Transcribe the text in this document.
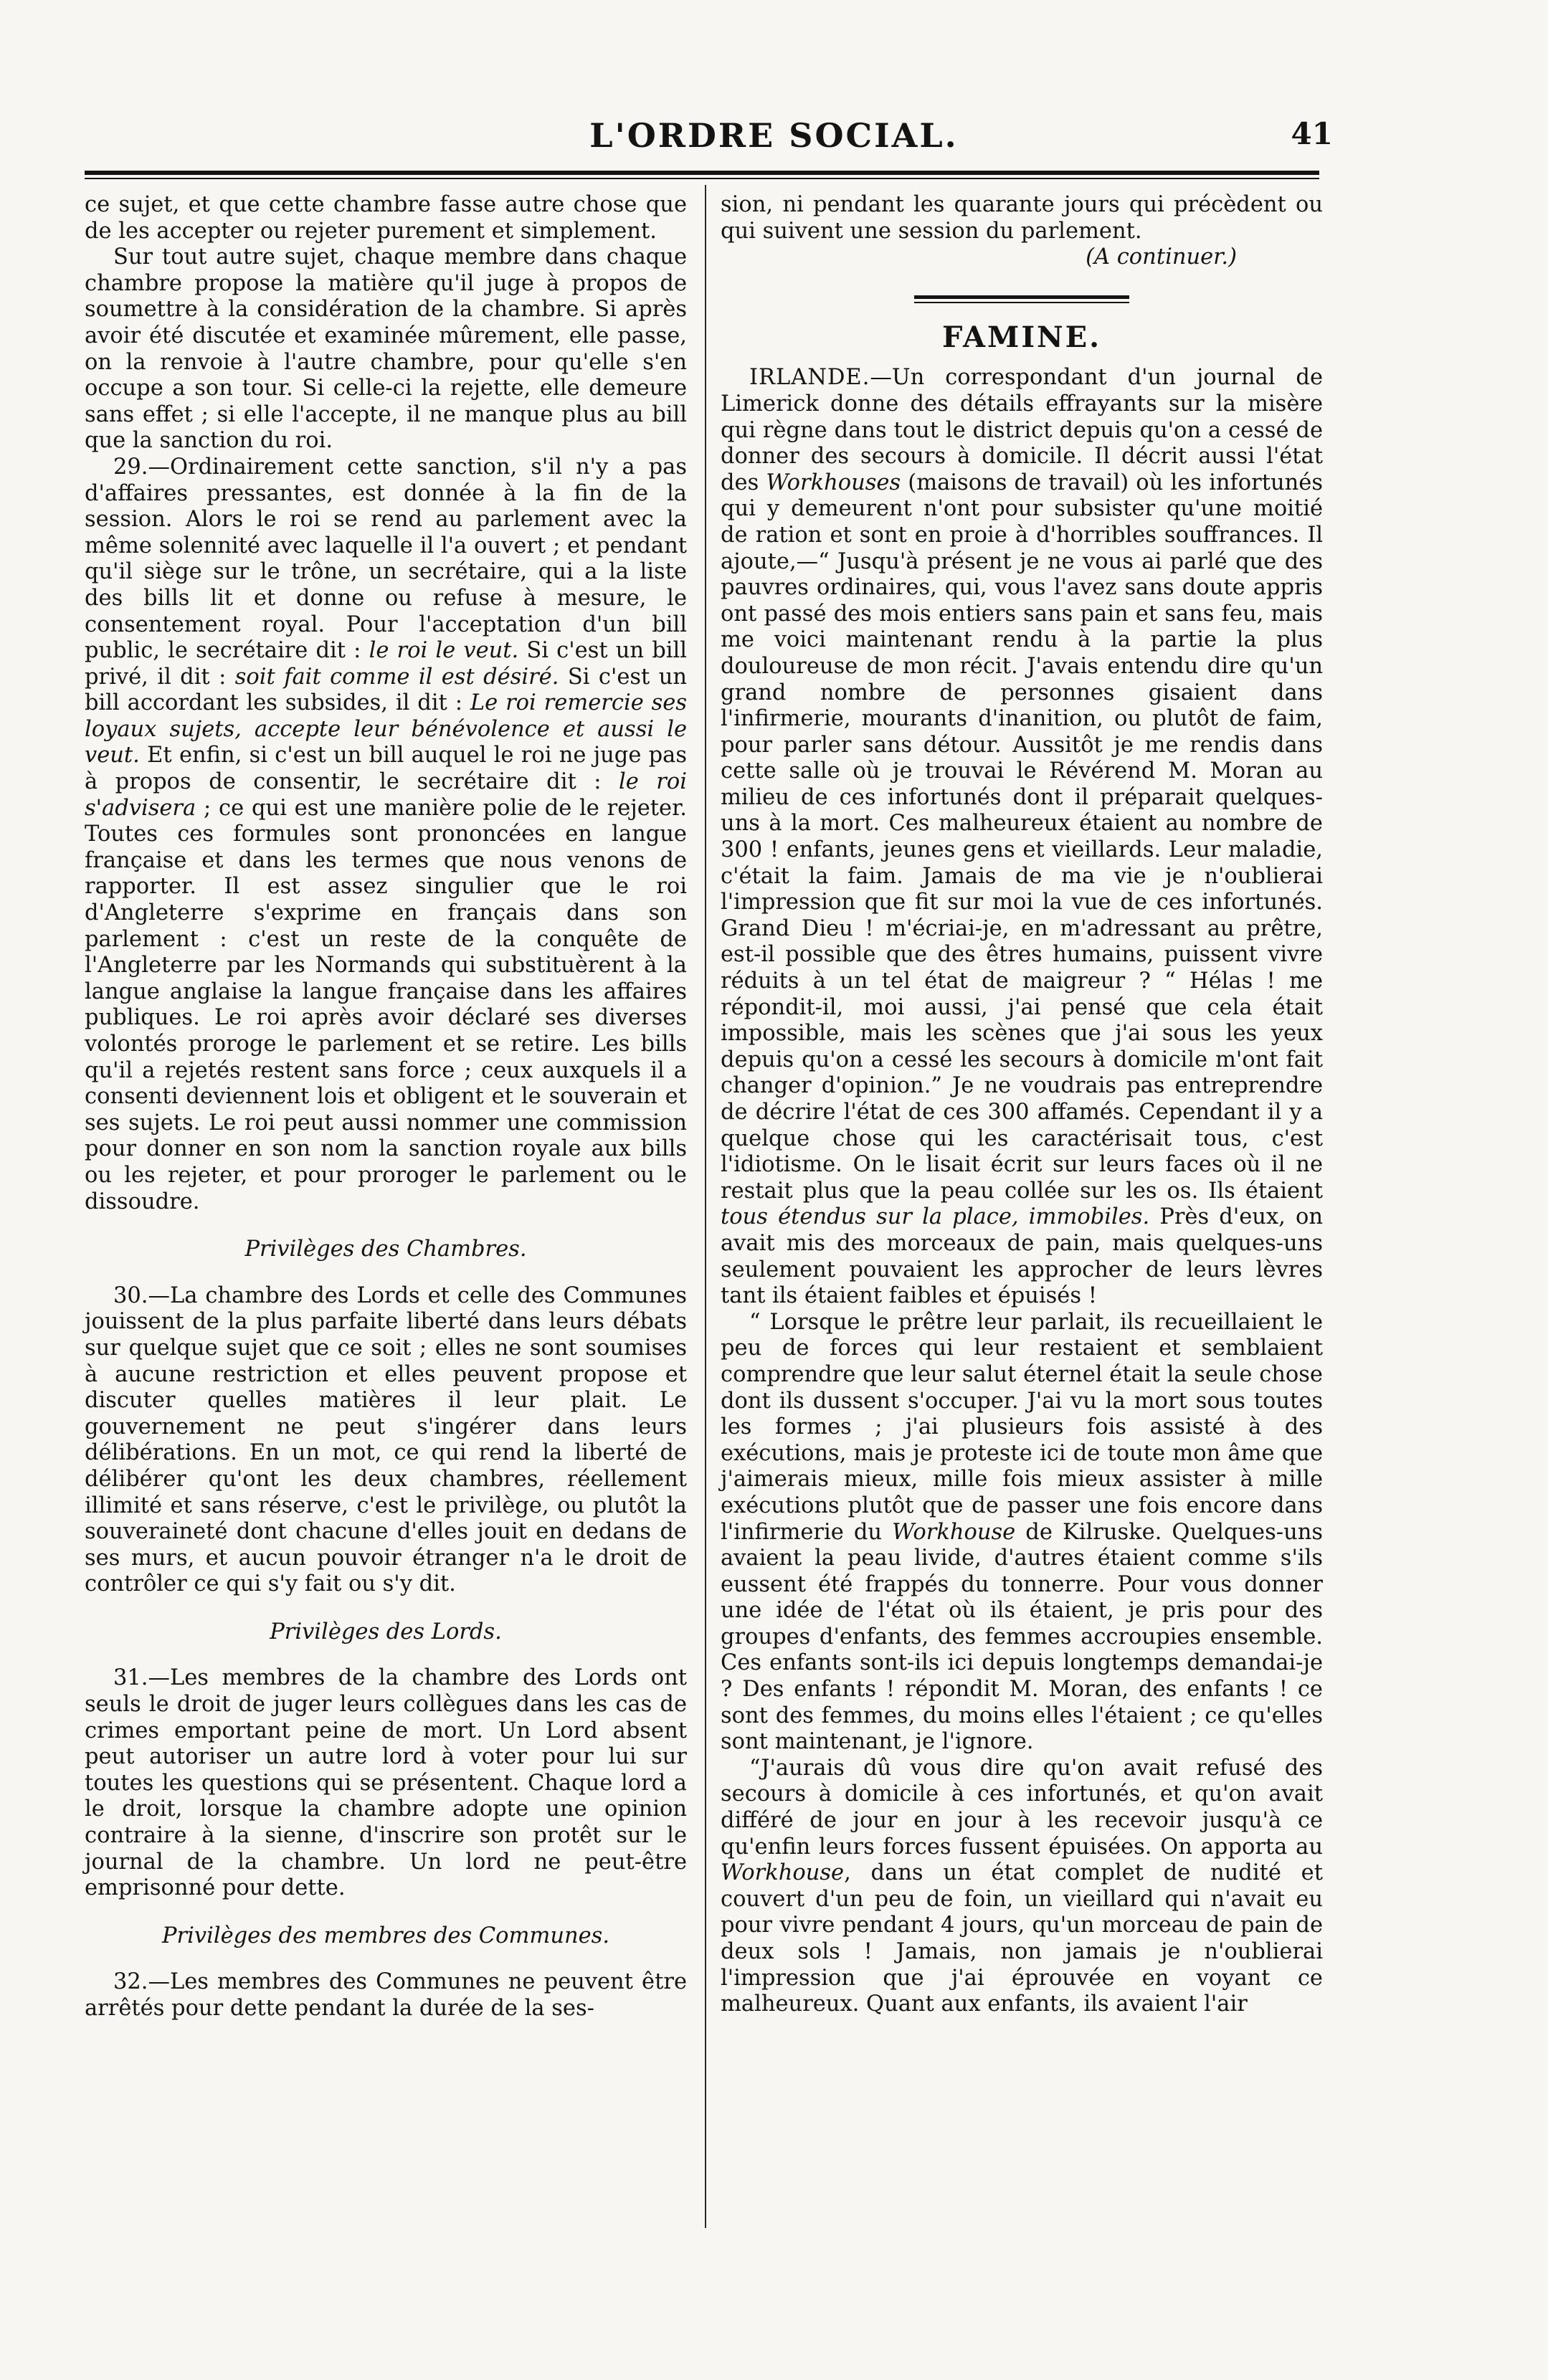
L'ORDRE SOCIAL.	41

ce sujet, et que cette chambre fasse autre chose que de les accepter ou rejeter purement et simplement.

Sur tout autre sujet, chaque membre dans chaque chambre propose la matière qu'il juge à propos de soumettre à la considération de la chambre. Si après avoir été discutée et examinée mûrement, elle passe, on la renvoie à l'autre chambre, pour qu'elle s'en occupe a son tour. Si celle-ci la rejette, elle demeure sans effet ; si elle l'accepte, il ne manque plus au bill que la sanction du roi.

29.—Ordinairement cette sanction, s'il n'y a pas d'affaires pressantes, est donnée à la fin de la session. Alors le roi se rend au parlement avec la même solennité avec laquelle il l'a ouvert ; et pendant qu'il siège sur le trône, un secrétaire, qui a la liste des bills lit et donne ou refuse à mesure, le consentement royal. Pour l'acceptation d'un bill public, le secrétaire dit : le roi le veut. Si c'est un bill privé, il dit : soit fait comme il est désiré. Si c'est un bill accordant les subsides, il dit : Le roi remercie ses loyaux sujets, accepte leur bénévolence et aussi le veut. Et enfin, si c'est un bill auquel le roi ne juge pas à propos de consentir, le secrétaire dit : le roi s'advisera ; ce qui est une manière polie de le rejeter. Toutes ces formules sont prononcées en langue française et dans les termes que nous venons de rapporter. Il est assez singulier que le roi d'Angleterre s'exprime en français dans son parlement : c'est un reste de la conquête de l'Angleterre par les Normands qui substituèrent à la langue anglaise la langue française dans les affaires publiques. Le roi après avoir déclaré ses diverses volontés proroge le parlement et se retire. Les bills qu'il a rejetés restent sans force ; ceux auxquels il a consenti deviennent lois et obligent et le souverain et ses sujets. Le roi peut aussi nommer une commission pour donner en son nom la sanction royale aux bills ou les rejeter, et pour proroger le parlement ou le dissoudre.

Privilèges des Chambres.

30.—La chambre des Lords et celle des Communes jouissent de la plus parfaite liberté dans leurs débats sur quelque sujet que ce soit ; elles ne sont soumises à aucune restriction et elles peuvent propose et discuter quelles matières il leur plait. Le gouvernement ne peut s'ingérer dans leurs délibérations. En un mot, ce qui rend la liberté de délibérer qu'ont les deux chambres, réellement illimité et sans réserve, c'est le privilège, ou plutôt la souveraineté dont chacune d'elles jouit en dedans de ses murs, et aucun pouvoir étranger n'a le droit de contrôler ce qui s'y fait ou s'y dit.

Privilèges des Lords.

31.—Les membres de la chambre des Lords ont seuls le droit de juger leurs collègues dans les cas de crimes emportant peine de mort. Un Lord absent peut autoriser un autre lord à voter pour lui sur toutes les questions qui se présentent. Chaque lord a le droit, lorsque la chambre adopte une opinion contraire à la sienne, d'inscrire son protêt sur le journal de la chambre. Un lord ne peut-être emprisonné pour dette.

Privilèges des membres des Communes.

32.—Les membres des Communes ne peuvent être arrêtés pour dette pendant la durée de la ses-

sion, ni pendant les quarante jours qui précèdent ou qui suivent une session du parlement.

(A continuer.)

FAMINE.

IRLANDE.—Un correspondant d'un journal de Limerick donne des détails effrayants sur la misère qui règne dans tout le district depuis qu'on a cessé de donner des secours à domicile. Il décrit aussi l'état des Workhouses (maisons de travail) où les infortunés qui y demeurent n'ont pour subsister qu'une moitié de ration et sont en proie à d'horribles souffrances. Il ajoute,—“ Jusqu'à présent je ne vous ai parlé que des pauvres ordinaires, qui, vous l'avez sans doute appris ont passé des mois entiers sans pain et sans feu, mais me voici maintenant rendu à la partie la plus douloureuse de mon récit. J'avais entendu dire qu'un grand nombre de personnes gisaient dans l'infirmerie, mourants d'inanition, ou plutôt de faim, pour parler sans détour. Aussitôt je me rendis dans cette salle où je trouvai le Révérend M. Moran au milieu de ces infortunés dont il préparait quelques-uns à la mort. Ces malheureux étaient au nombre de 300 ! enfants, jeunes gens et vieillards. Leur maladie, c'était la faim. Jamais de ma vie je n'oublierai l'impression que fit sur moi la vue de ces infortunés. Grand Dieu ! m'écriai-je, en m'adressant au prêtre, est-il possible que des êtres humains, puissent vivre réduits à un tel état de maigreur ? “ Hélas ! me répondit-il, moi aussi, j'ai pensé que cela était impossible, mais les scènes que j'ai sous les yeux depuis qu'on a cessé les secours à domicile m'ont fait changer d'opinion.” Je ne voudrais pas entreprendre de décrire l'état de ces 300 affamés. Cependant il y a quelque chose qui les caractérisait tous, c'est l'idiotisme. On le lisait écrit sur leurs faces où il ne restait plus que la peau collée sur les os. Ils étaient tous étendus sur la place, immobiles. Près d'eux, on avait mis des morceaux de pain, mais quelques-uns seulement pouvaient les approcher de leurs lèvres tant ils étaient faibles et épuisés !

“ Lorsque le prêtre leur parlait, ils recueillaient le peu de forces qui leur restaient et semblaient comprendre que leur salut éternel était la seule chose dont ils dussent s'occuper. J'ai vu la mort sous toutes les formes ; j'ai plusieurs fois assisté à des exécutions, mais je proteste ici de toute mon âme que j'aimerais mieux, mille fois mieux assister à mille exécutions plutôt que de passer une fois encore dans l'infirmerie du Workhouse de Kilruske. Quelques-uns avaient la peau livide, d'autres étaient comme s'ils eussent été frappés du tonnerre. Pour vous donner une idée de l'état où ils étaient, je pris pour des groupes d'enfants, des femmes accroupies ensemble. Ces enfants sont-ils ici depuis longtemps demandai-je ? Des enfants ! répondit M. Moran, des enfants ! ce sont des femmes, du moins elles l'étaient ; ce qu'elles sont maintenant, je l'ignore.

“J'aurais dû vous dire qu'on avait refusé des secours à domicile à ces infortunés, et qu'on avait différé de jour en jour à les recevoir jusqu'à ce qu'enfin leurs forces fussent épuisées. On apporta au Workhouse, dans un état complet de nudité et couvert d'un peu de foin, un vieillard qui n'avait eu pour vivre pendant 4 jours, qu'un morceau de pain de deux sols ! Jamais, non jamais je n'oublierai l'impression que j'ai éprouvée en voyant ce malheureux. Quant aux enfants, ils avaient l'air
